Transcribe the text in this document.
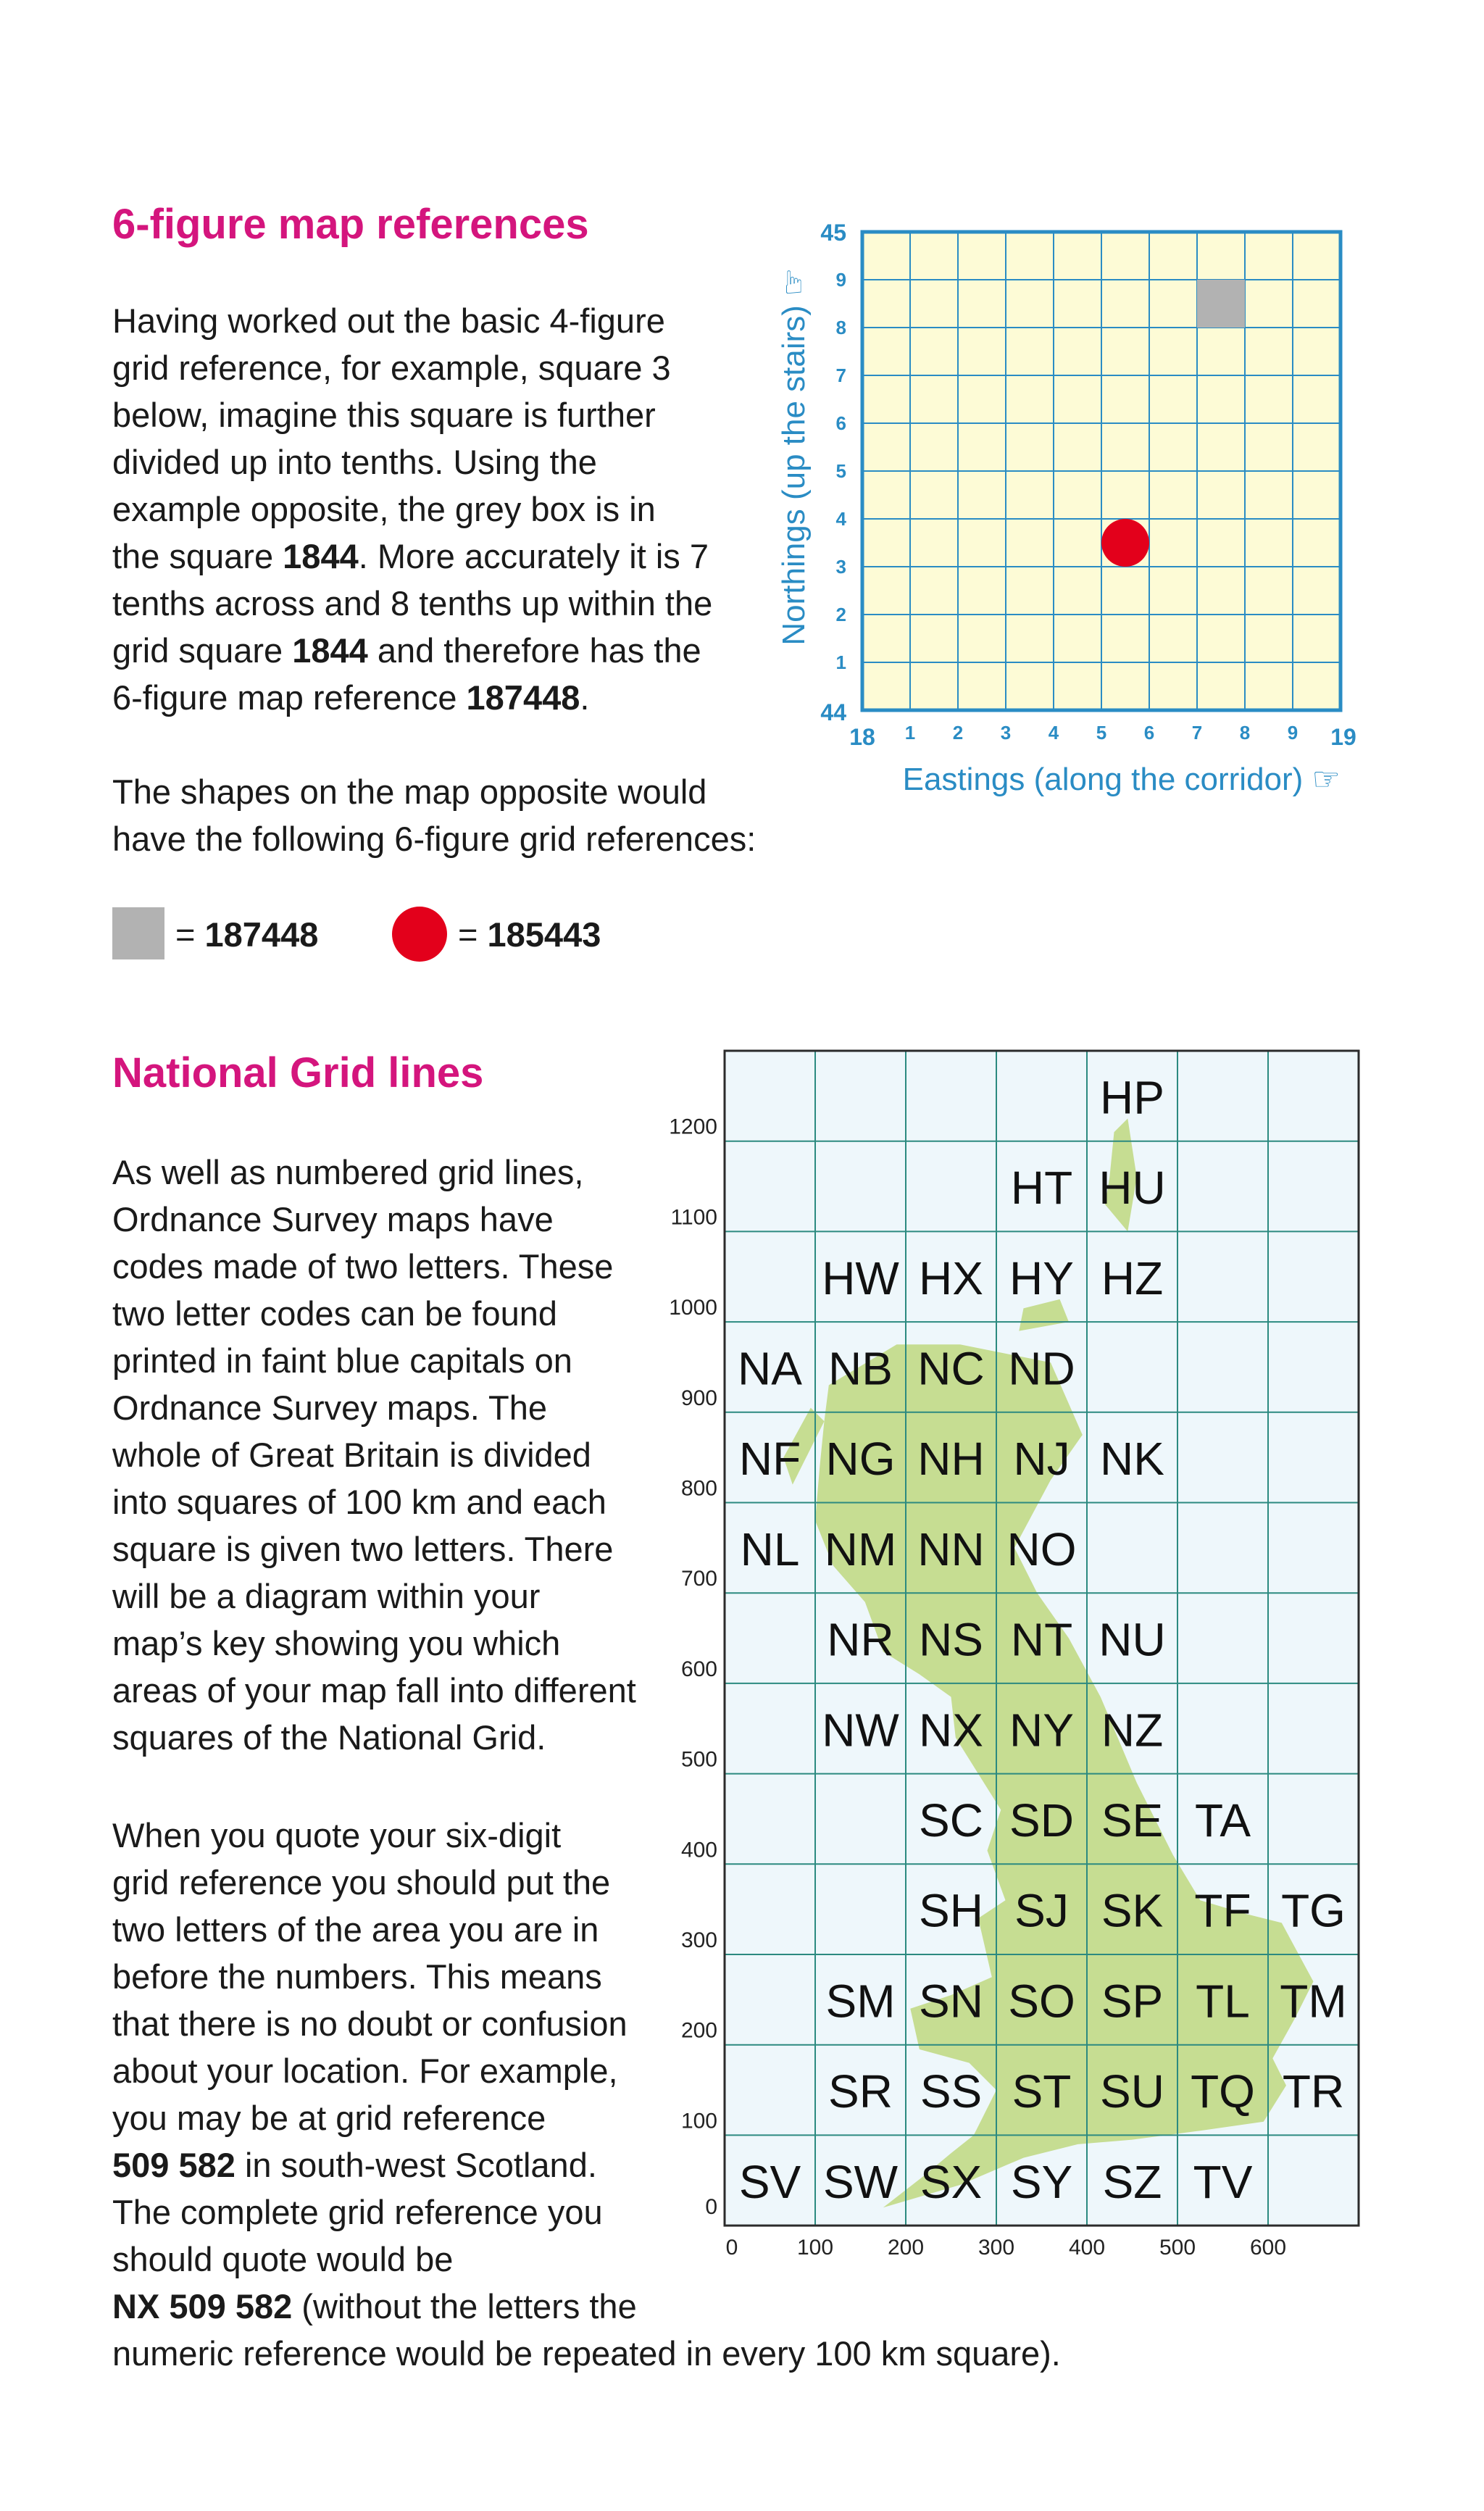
6-figure map references

Having worked out the basic 4-figure
grid reference, for example, square 3
below, imagine this square is further
divided up into tenths. Using the
example opposite, the grey box is in
the square 1844. More accurately it is 7
tenths across and 8 tenths up within the
grid square 1844 and therefore has the
6-figure map reference 187448.

The shapes on the map opposite would
have the following 6-figure grid references:

= 187448	= 185443
1
1
2
2
3
3
4
4
5
5
6
6
7
7
8
8
9
9
45
44
18	19
Eastings (along the corridor) ☞
Northings (up the stairs) ☞
National Grid lines

As well as numbered grid lines,
Ordnance Survey maps have
codes made of two letters. These
two letter codes can be found
printed in faint blue capitals on
Ordnance Survey maps. The
whole of Great Britain is divided
into squares of 100 km and each
square is given two letters. There
will be a diagram within your
map’s key showing you which
areas of your map fall into different
squares of the National Grid.

When you quote your six-digit
grid reference you should put the
two letters of the area you are in
before the numbers. This means
that there is no doubt or confusion
about your location. For example,
you may be at grid reference
509 582 in south-west Scotland.
The complete grid reference you
should quote would be
NX 509 582 (without the letters the
numeric reference would be repeated in every 100 km square).

HP
HT HU
HW HX HY HZ
NA NB NC ND
NF NG NH NJ NK
NL NM NN NO
NR NS NT NU
NW NX NY NZ
SC SD SE TA
SH SJ SK TF TG
SM SN SO SP TL TM
SR SS ST SU TQ TR
SV SW SX SY SZ TV
1200
1100
1000
900
800
700
600
500
400
300
200
100
0
0	100 200 300 400 500 600
